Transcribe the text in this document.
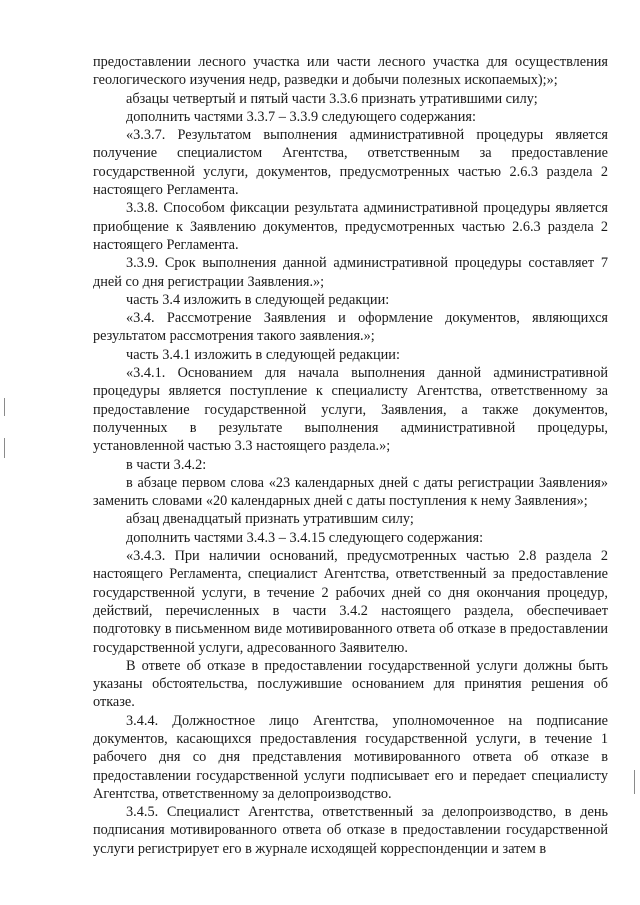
предоставлении лесного участка или части лесного участка для осуществления геологического изучения недр, разведки и добычи полезных ископаемых);»;

абзацы четвертый и пятый части 3.3.6 признать утратившими силу;

дополнить частями 3.3.7 – 3.3.9 следующего содержания:

«3.3.7. Результатом выполнения административной процедуры является получение специалистом Агентства, ответственным за предоставление государственной услуги, документов, предусмотренных частью 2.6.3 раздела 2 настоящего Регламента.

3.3.8. Способом фиксации результата административной процедуры является приобщение к Заявлению документов, предусмотренных частью 2.6.3 раздела 2 настоящего Регламента.

3.3.9. Срок выполнения данной административной процедуры составляет 7 дней со дня регистрации Заявления.»;

часть 3.4 изложить в следующей редакции:

«3.4. Рассмотрение Заявления и оформление документов, являющихся результатом рассмотрения такого заявления.»;

часть 3.4.1 изложить в следующей редакции:

«3.4.1. Основанием для начала выполнения данной административной процедуры является поступление к специалисту Агентства, ответственному за предоставление государственной услуги, Заявления, а также документов, полученных в результате выполнения административной процедуры, установленной частью 3.3 настоящего раздела.»;

в части 3.4.2:

в абзаце первом слова «23 календарных дней с даты регистрации Заявления» заменить словами «20 календарных дней с даты поступления к нему Заявления»;

абзац двенадцатый признать утратившим силу;

дополнить частями 3.4.3 – 3.4.15 следующего содержания:

«3.4.3. При наличии оснований, предусмотренных частью 2.8 раздела 2 настоящего Регламента, специалист Агентства, ответственный за предоставление государственной услуги, в течение 2 рабочих дней со дня окончания процедур, действий, перечисленных в части 3.4.2 настоящего раздела, обеспечивает подготовку в письменном виде мотивированного ответа об отказе в предоставлении государственной услуги, адресованного Заявителю.

В ответе об отказе в предоставлении государственной услуги должны быть указаны обстоятельства, послужившие основанием для принятия решения об отказе.

3.4.4. Должностное лицо Агентства, уполномоченное на подписание документов, касающихся предоставления государственной услуги, в течение 1 рабочего дня со дня представления мотивированного ответа об отказе в предоставлении государственной услуги подписывает его и передает специалисту Агентства, ответственному за делопроизводство.

3.4.5. Специалист Агентства, ответственный за делопроизводство, в день подписания мотивированного ответа об отказе в предоставлении государственной услуги регистрирует его в журнале исходящей корреспонденции и затем в
